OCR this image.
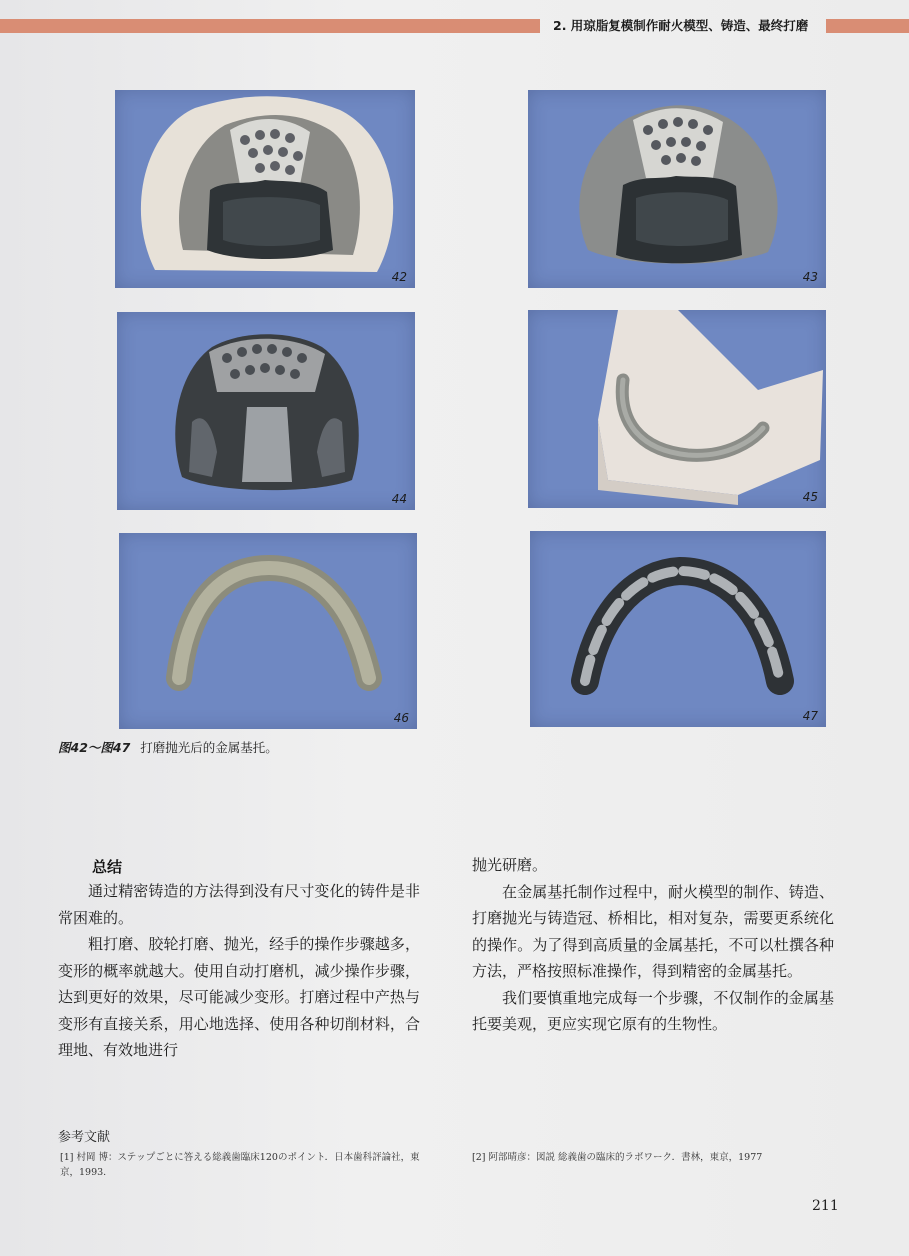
2. 用琼脂复模制作耐火模型、铸造、最终打磨
42	43
44	45
46	47
图42～图47 打磨抛光后的金属基托。
总结

通过精密铸造的方法得到没有尺寸变化的铸件是非常困难的。

粗打磨、胶轮打磨、抛光，经手的操作步骤越多，变形的概率就越大。使用自动打磨机，减少操作步骤，达到更好的效果，尽可能减少变形。打磨过程中产热与变形有直接关系，用心地选择、使用各种切削材料，合理地、有效地进行

抛光研磨。

在金属基托制作过程中，耐火模型的制作、铸造、打磨抛光与铸造冠、桥相比，相对复杂，需要更系统化的操作。为了得到高质量的金属基托，不可以杜撰各种方法，严格按照标准操作，得到精密的金属基托。

我们要慎重地完成每一个步骤，不仅制作的金属基托要美观，更应实现它原有的生物性。

参考文献
[1] 村岡 博：ステップごとに答える総義歯臨床120のポイント．日本歯科評論社，東京，1993.
[2] 阿部晴彦：図説 総義歯の臨床的ラボワーク．書林，東京，1977
211
